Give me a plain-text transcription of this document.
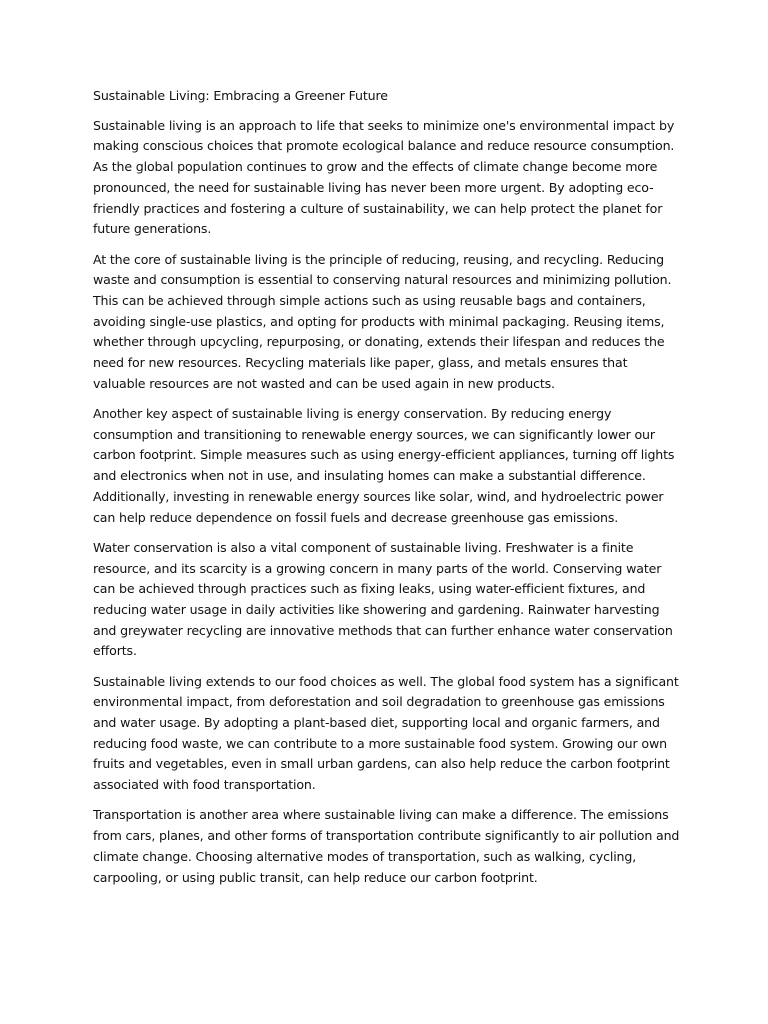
Sustainable Living: Embracing a Greener Future

Sustainable living is an approach to life that seeks to minimize one's environmental impact by making conscious choices that promote ecological balance and reduce resource consumption. As the global population continues to grow and the effects of climate change become more pronounced, the need for sustainable living has never been more urgent. By adopting eco-friendly practices and fostering a culture of sustainability, we can help protect the planet for future generations.

At the core of sustainable living is the principle of reducing, reusing, and recycling. Reducing waste and consumption is essential to conserving natural resources and minimizing pollution. This can be achieved through simple actions such as using reusable bags and containers, avoiding single-use plastics, and opting for products with minimal packaging. Reusing items, whether through upcycling, repurposing, or donating, extends their lifespan and reduces the need for new resources. Recycling materials like paper, glass, and metals ensures that valuable resources are not wasted and can be used again in new products.

Another key aspect of sustainable living is energy conservation. By reducing energy consumption and transitioning to renewable energy sources, we can significantly lower our carbon footprint. Simple measures such as using energy-efficient appliances, turning off lights and electronics when not in use, and insulating homes can make a substantial difference. Additionally, investing in renewable energy sources like solar, wind, and hydroelectric power can help reduce dependence on fossil fuels and decrease greenhouse gas emissions.

Water conservation is also a vital component of sustainable living. Freshwater is a finite resource, and its scarcity is a growing concern in many parts of the world. Conserving water can be achieved through practices such as fixing leaks, using water-efficient fixtures, and reducing water usage in daily activities like showering and gardening. Rainwater harvesting and greywater recycling are innovative methods that can further enhance water conservation efforts.

Sustainable living extends to our food choices as well. The global food system has a significant environmental impact, from deforestation and soil degradation to greenhouse gas emissions and water usage. By adopting a plant-based diet, supporting local and organic farmers, and reducing food waste, we can contribute to a more sustainable food system. Growing our own fruits and vegetables, even in small urban gardens, can also help reduce the carbon footprint associated with food transportation.

Transportation is another area where sustainable living can make a difference. The emissions from cars, planes, and other forms of transportation contribute significantly to air pollution and climate change. Choosing alternative modes of transportation, such as walking, cycling, carpooling, or using public transit, can help reduce our carbon footprint.
